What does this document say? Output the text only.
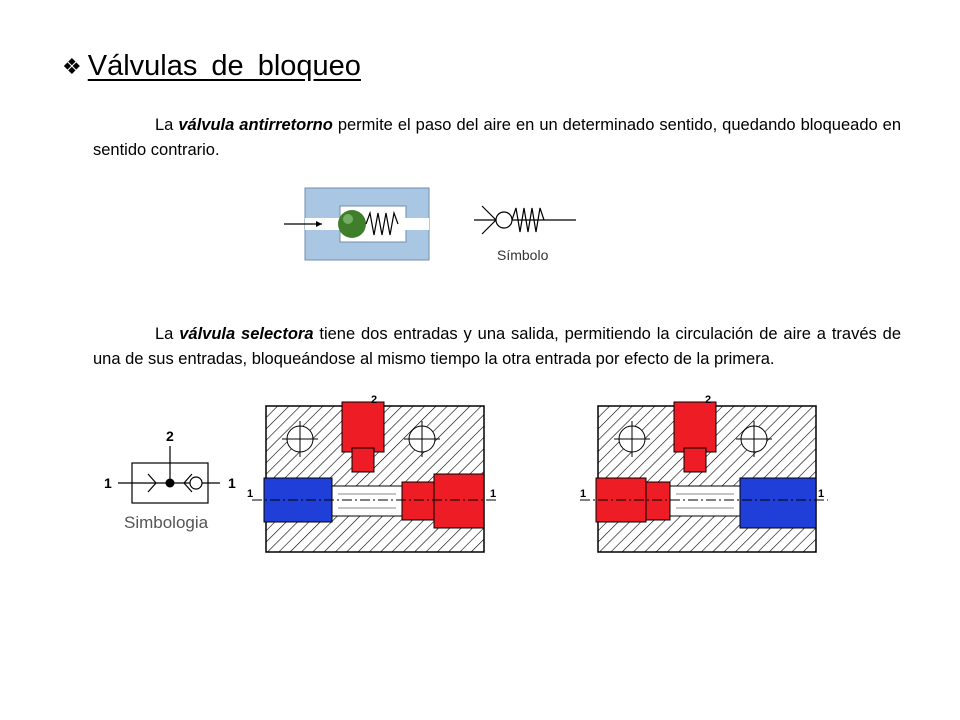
❖ Válvulas de bloqueo
La válvula antirretorno permite el paso del aire en un determinado sentido, quedando bloqueado en sentido contrario.
Símbolo
La válvula selectora tiene dos entradas y una salida, permitiendo la circulación de aire a través de una de sus entradas, bloqueándose al mismo tiempo la otra entrada por efecto de la primera.
2
1	1
Simbologia
2
1	1
2
1	1
